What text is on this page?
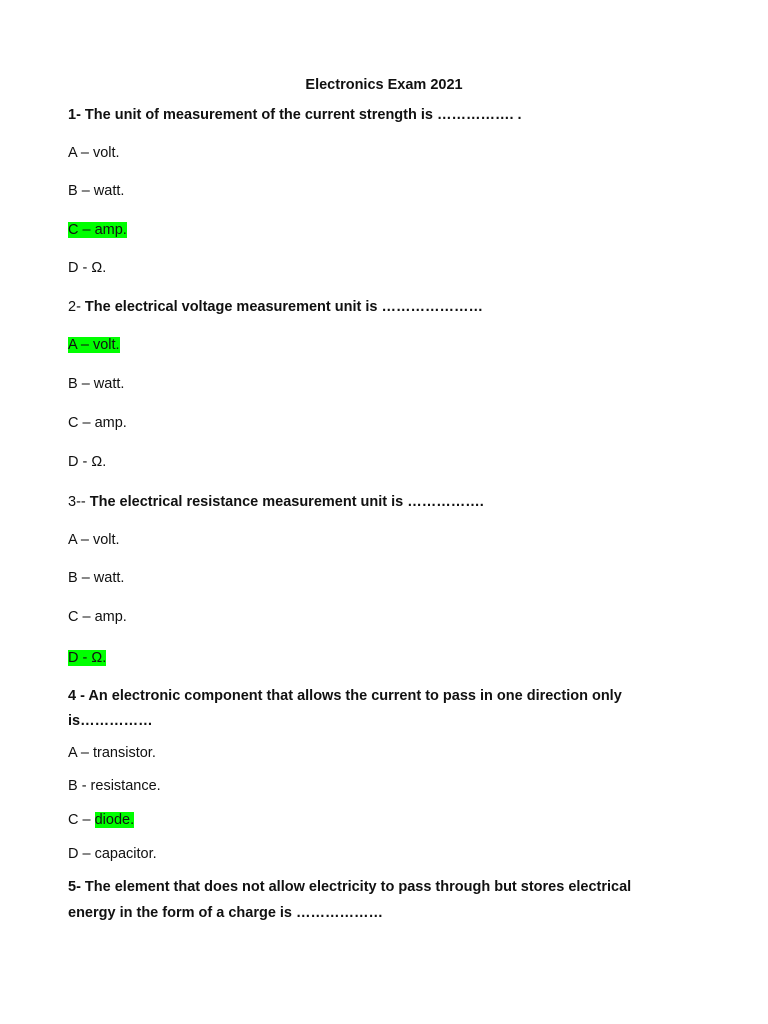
Electronics Exam 2021
1- The unit of measurement of the current strength is ……………. .
A – volt.
B – watt.
C – amp.
D - Ω.
2- The electrical voltage measurement unit is …………………
A – volt.
B – watt.
C – amp.
D - Ω.
3-- The electrical resistance measurement unit is …………….
A – volt.
B – watt.
C – amp.
D - Ω.
4 - An electronic component that allows the current to pass in one direction only
is……………
A – transistor.
B - resistance.
C – diode.
D – capacitor.
5- The element that does not allow electricity to pass through but stores electrical
energy in the form of a charge is ………………
